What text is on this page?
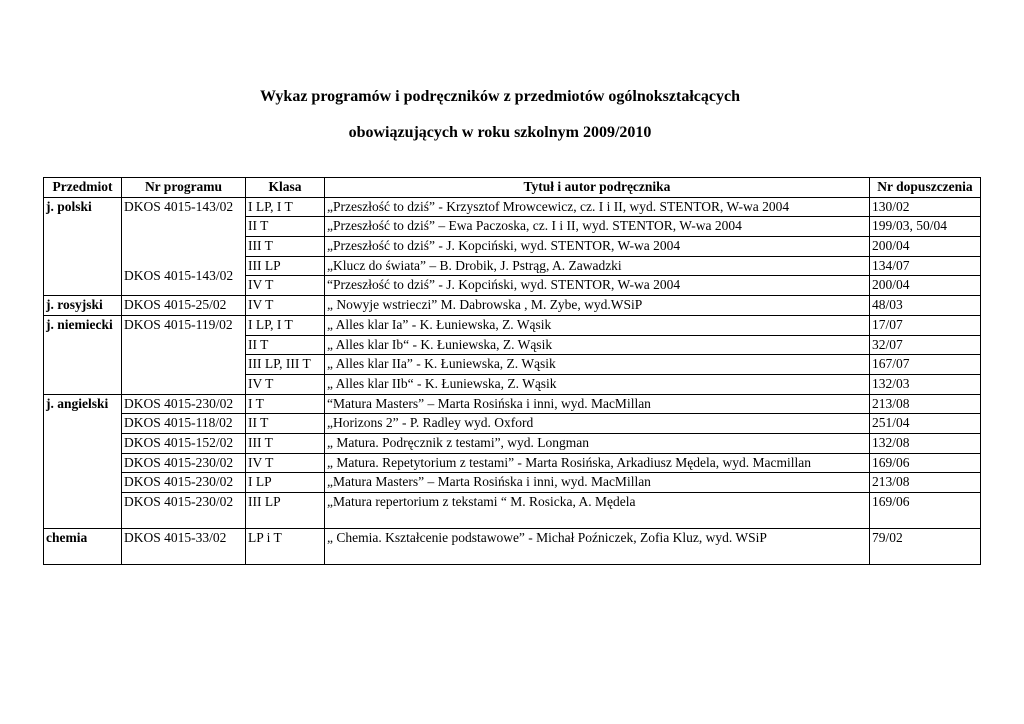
Wykaz programów i podręczników z przedmiotów ogólnokształcących
obowiązujących w roku szkolnym 2009/2010
Przedmiot	Nr programu	Klasa	Tytuł i autor podręcznika	Nr dopuszczenia
j. polski	DKOS 4015-143/02	I LP, I T	„Przeszłość to dziś” - Krzysztof Mrowcewicz, cz. I i II, wyd. STENTOR, W-wa 2004	130/02
		II T	„Przeszłość to dziś” – Ewa Paczoska, cz. I i II, wyd. STENTOR, W-wa 2004	199/03, 50/04
		III T	„Przeszłość to dziś” - J. Kopciński, wyd. STENTOR, W-wa 2004	200/04
	DKOS 4015-143/02	III LP	„Klucz do świata” – B. Drobik, J. Pstrąg, A. Zawadzki	134/07
		IV T	“Przeszłość to dziś” - J. Kopciński, wyd. STENTOR, W-wa 2004	200/04
j. rosyjski	DKOS 4015-25/02	IV T	„ Nowyje wstrieczi” M. Dabrowska , M. Zybe, wyd.WSiP	48/03
j. niemiecki	DKOS 4015-119/02	I LP, I T	„ Alles klar Ia” - K. Łuniewska, Z. Wąsik	17/07
		II T	„ Alles klar Ib“ - K. Łuniewska, Z. Wąsik	32/07
		III LP, III T	„ Alles klar IIa” - K. Łuniewska, Z. Wąsik	167/07
		IV T	„ Alles klar IIb“ - K. Łuniewska, Z. Wąsik	132/03
j. angielski	DKOS 4015-230/02	I T	“Matura Masters” – Marta Rosińska i inni, wyd. MacMillan	213/08
	DKOS 4015-118/02	II T	„Horizons 2” - P. Radley wyd. Oxford	251/04
	DKOS 4015-152/02	III T	„ Matura. Podręcznik z testami”, wyd. Longman	132/08
	DKOS 4015-230/02	IV T	„ Matura. Repetytorium z testami” - Marta Rosińska, Arkadiusz Mędela, wyd. Macmillan	169/06
	DKOS 4015-230/02	I LP	„Matura Masters” – Marta Rosińska i inni, wyd. MacMillan	213/08
	DKOS 4015-230/02	III LP	„Matura repertorium z tekstami “ M. Rosicka, A. Mędela	169/06
chemia	DKOS 4015-33/02	LP i T	„ Chemia. Kształcenie podstawowe” - Michał Poźniczek, Zofia Kluz, wyd. WSiP	79/02
